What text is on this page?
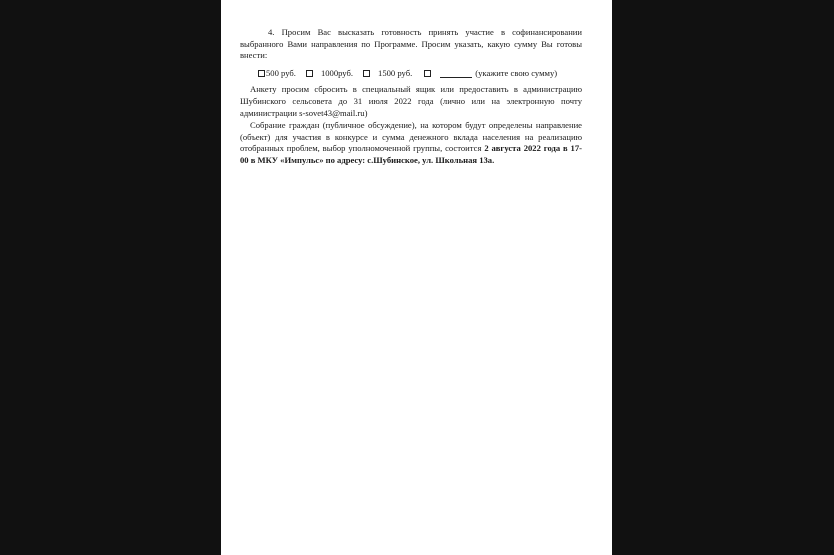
4. Просим Вас высказать готовность принять участие в софинансировании выбранного Вами направления по Программе. Просим указать, какую сумму Вы готовы внести:

500 руб.	1000руб.	1500 руб.	(укажите свою сумму)

Анкету просим сбросить в специальный ящик или предоставить в администрацию Шубинского сельсовета до 31 июля 2022 года (лично или на электронную почту администрации s-sovet43@mail.ru)

Собрание граждан (публичное обсуждение), на котором будут определены направление (объект) для участия в конкурсе и сумма денежного вклада населения на реализацию отобранных проблем, выбор уполномоченной группы, состоится 2 августа 2022 года в 17-00 в МКУ «Импульс» по адресу: с.Шубинское, ул. Школьная 13а.
